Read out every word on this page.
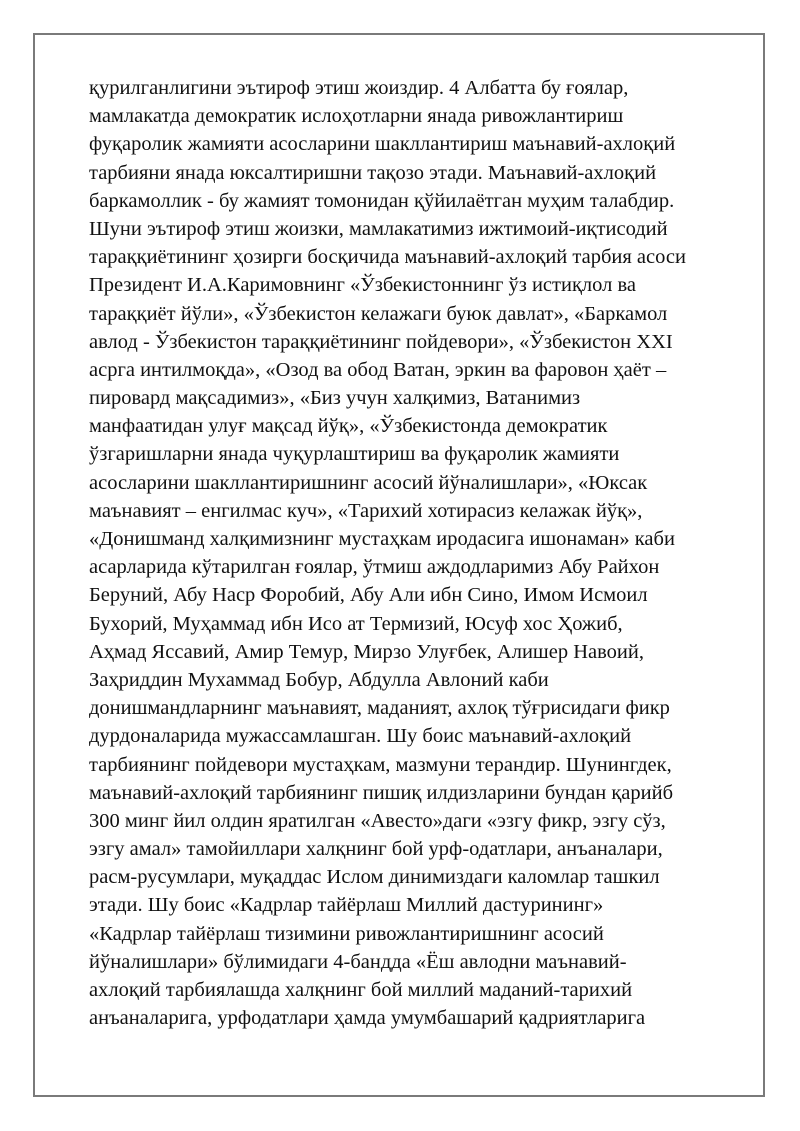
қурилганлигини эътироф этиш жоиздир. 4 Албатта бу ғоялар,
мамлакатда демократик ислоҳотларни янада ривожлантириш
фуқаролик жамияти асосларини шакллантириш маънавий-ахлоқий
тарбияни янада юксалтиришни тақозо этади. Маънавий-ахлоқий
баркамоллик - бу жамият томонидан қўйилаётган муҳим талабдир.
Шуни эътироф этиш жоизки, мамлакатимиз ижтимоий-иқтисодий
тараққиётининг ҳозирги босқичида маънавий-ахлоқий тарбия асоси
Президент И.А.Каримовнинг «Ўзбекистоннинг ўз истиқлол ва
тараққиёт йўли», «Ўзбекистон келажаги буюк давлат», «Баркамол
авлод - Ўзбекистон тараққиётининг пойдевори», «Ўзбекистон XXI
асрга интилмоқда», «Озод ва обод Ватан, эркин ва фаровон ҳаёт –
пировард мақсадимиз», «Биз учун халқимиз, Ватанимиз
манфаатидан улуғ мақсад йўқ», «Ўзбекистонда демократик
ўзгаришларни янада чуқурлаштириш ва фуқаролик жамияти
асосларини шакллантиришнинг асосий йўналишлари», «Юксак
маънавият – енгилмас куч», «Тарихий хотирасиз келажак йўқ»,
«Донишманд халқимизнинг мустаҳкам иродасига ишонаман» каби
асарларида кўтарилган ғоялар, ўтмиш аждодларимиз Абу Райхон
Беруний, Абу Наср Форобий, Абу Али ибн Сино, Имом Исмоил
Бухорий, Муҳаммад ибн Исо ат Термизий, Юсуф хос Ҳожиб,
Аҳмад Яссавий, Амир Темур, Мирзо Улуғбек, Алишер Навоий,
Заҳриддин Мухаммад Бобур, Абдулла Авлоний каби
донишмандларнинг маънавият, маданият, ахлоқ тўғрисидаги фикр
дурдоналарида мужассамлашган. Шу боис маънавий-ахлоқий
тарбиянинг пойдевори мустаҳкам, мазмуни терандир. Шунингдек,
маънавий-ахлоқий тарбиянинг пишиқ илдизларини бундан қарийб
300 минг йил олдин яратилган «Авесто»даги «эзгу фикр, эзгу сўз,
эзгу амал» тамойиллари халқнинг бой урф-одатлари, анъаналари,
расм-русумлари, муқаддас Ислом динимиздаги каломлар ташкил
этади. Шу боис «Кадрлар тайёрлаш Миллий дастурининг»
«Кадрлар тайёрлаш тизимини ривожлантиришнинг асосий
йўналишлари» бўлимидаги 4-бандда «Ёш авлодни маънавий-
ахлоқий тарбиялашда халқнинг бой миллий маданий-тарихий
анъаналарига, урфодатлари ҳамда умумбашарий қадриятларига
